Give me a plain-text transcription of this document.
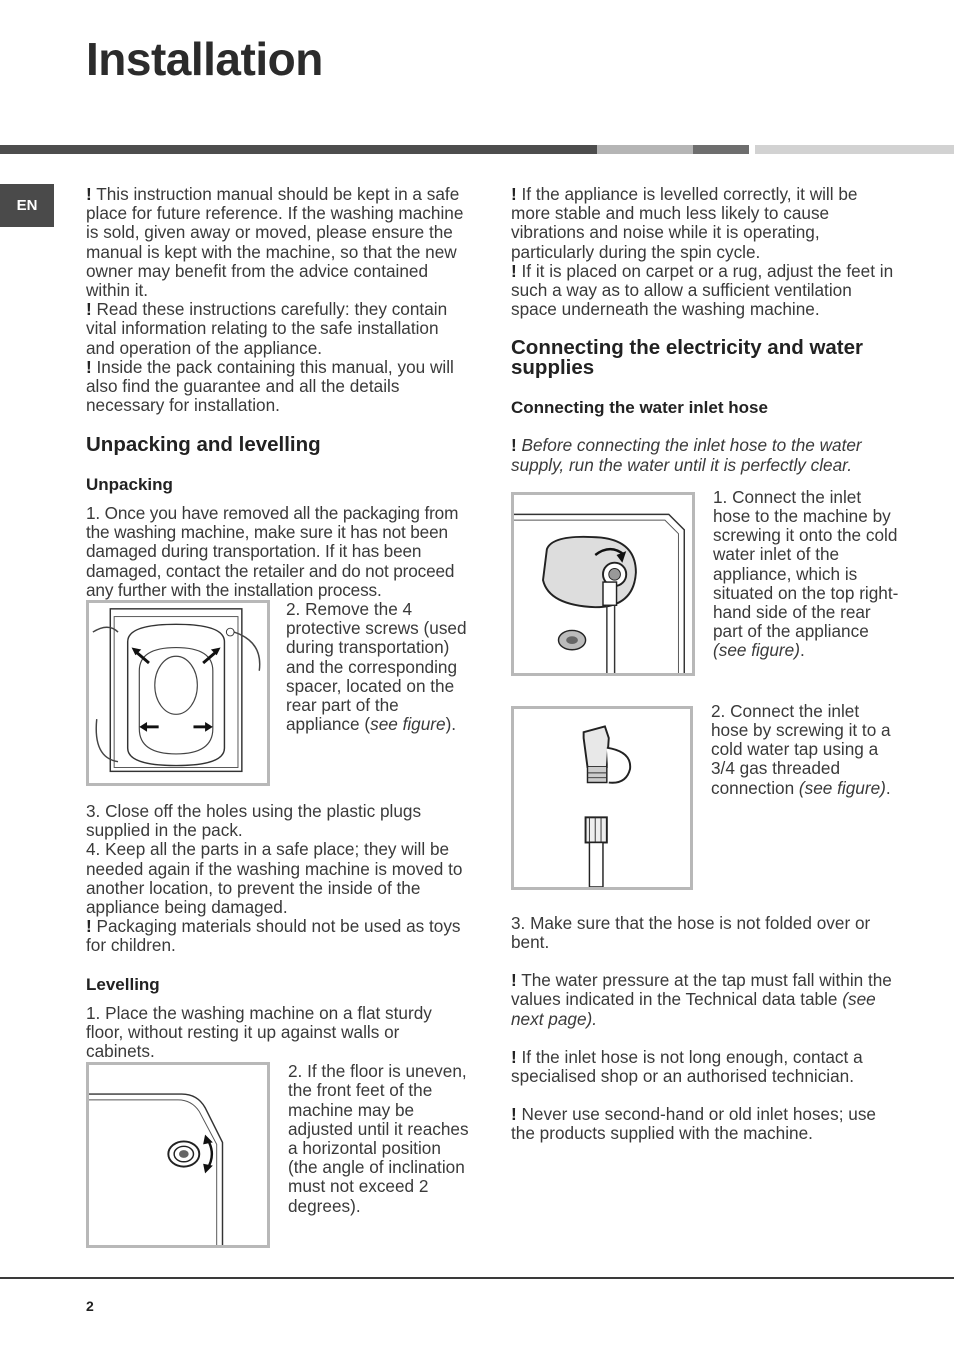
Installation
EN

! This instruction manual should be kept in a safe place for future reference. If the washing machine is sold, given away or moved, please ensure the manual is kept with the machine, so that the new owner may benefit from the advice contained within it.

! Read these instructions carefully: they contain vital information relating to the safe installation and operation of the appliance.

! Inside the pack containing this manual, you will also find the guarantee and all the details necessary for installation.

Unpacking and levelling
Unpacking

1. Once you have removed all the packaging from the washing machine, make sure it has not been damaged during transportation. If it has been damaged, contact the retailer and do not proceed any further with the installation process.

2. Remove the 4 protective screws (used during transportation) and the corresponding spacer, located on the rear part of the appliance (see figure).

3. Close off the holes using the plastic plugs supplied in the pack.

4. Keep all the parts in a safe place; they will be needed again if the washing machine is moved to another location, to prevent the inside of the appliance being damaged.

! Packaging materials should not be used as toys for children.

Levelling

1. Place the washing machine on a flat sturdy floor, without resting it up against walls or cabinets.

2. If the floor is uneven, the front feet of the machine may be adjusted until it reaches a horizontal position (the angle of inclination must not exceed 2 degrees).

! If the appliance is levelled correctly, it will be more stable and much less likely to cause vibrations and noise while it is operating, particularly during the spin cycle.

! If it is placed on carpet or a rug, adjust the feet in such a way as to allow a sufficient ventilation space underneath the washing machine.

Connecting the electricity and water supplies
Connecting the water inlet hose

! Before connecting the inlet hose to the water supply, run the water until it is perfectly clear.

1. Connect the inlet hose to the machine by screwing it onto the cold water inlet of the appliance, which is situated on the top right-hand side of the rear part of the appliance (see figure).

2. Connect the inlet hose by screwing it to a cold water tap using a 3/4 gas threaded connection (see figure).

3. Make sure that the hose is not folded over or bent.

! The water pressure at the tap must fall within the values indicated in the Technical data table (see next page).

! If the inlet hose is not long enough, contact a specialised shop or an authorised technician.

! Never use second-hand or old inlet hoses; use the products supplied with the machine.

2
